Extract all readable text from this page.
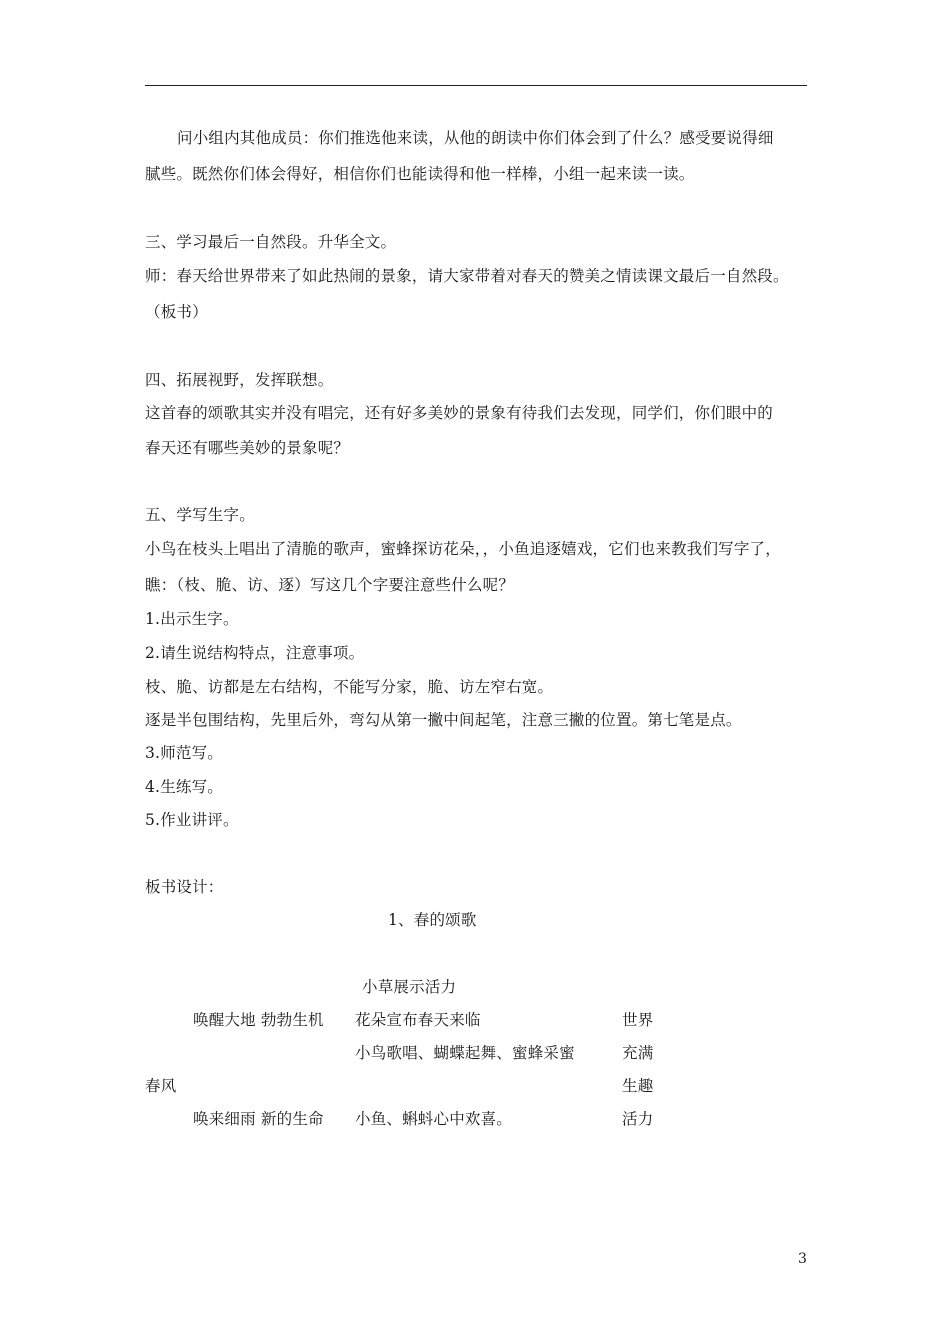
问小组内其他成员：你们推选他来读，从他的朗读中你们体会到了什么？感受要说得细
腻些。既然你们体会得好，相信你们也能读得和他一样棒，小组一起来读一读。
三、学习最后一自然段。升华全文。
师：春天给世界带来了如此热闹的景象，请大家带着对春天的赞美之情读课文最后一自然段。
（板书）
四、拓展视野，发挥联想。
这首春的颂歌其实并没有唱完，还有好多美妙的景象有待我们去发现，同学们，你们眼中的
春天还有哪些美妙的景象呢？
五、学写生字。
小鸟在枝头上唱出了清脆的歌声，蜜蜂探访花朵，，小鱼追逐嬉戏，它们也来教我们写字了，
瞧：（枝、脆、访、逐）写这几个字要注意些什么呢？
1.出示生字。
2.请生说结构特点，注意事项。
枝、脆、访都是左右结构，不能写分家，脆、访左窄右宽。
逐是半包围结构，先里后外，弯勾从第一撇中间起笔，注意三撇的位置。第七笔是点。
3.师范写。
4.生练写。
5.作业讲评。
板书设计：
1、春的颂歌
小草展示活力
唤醒大地 勃勃生机 花朵宣布春天来临	世界
小鸟歌唱、蝴蝶起舞、蜜蜂采蜜	充满
春风	生趣
唤来细雨 新的生命 小鱼、蝌蚪心中欢喜。	活力
3
